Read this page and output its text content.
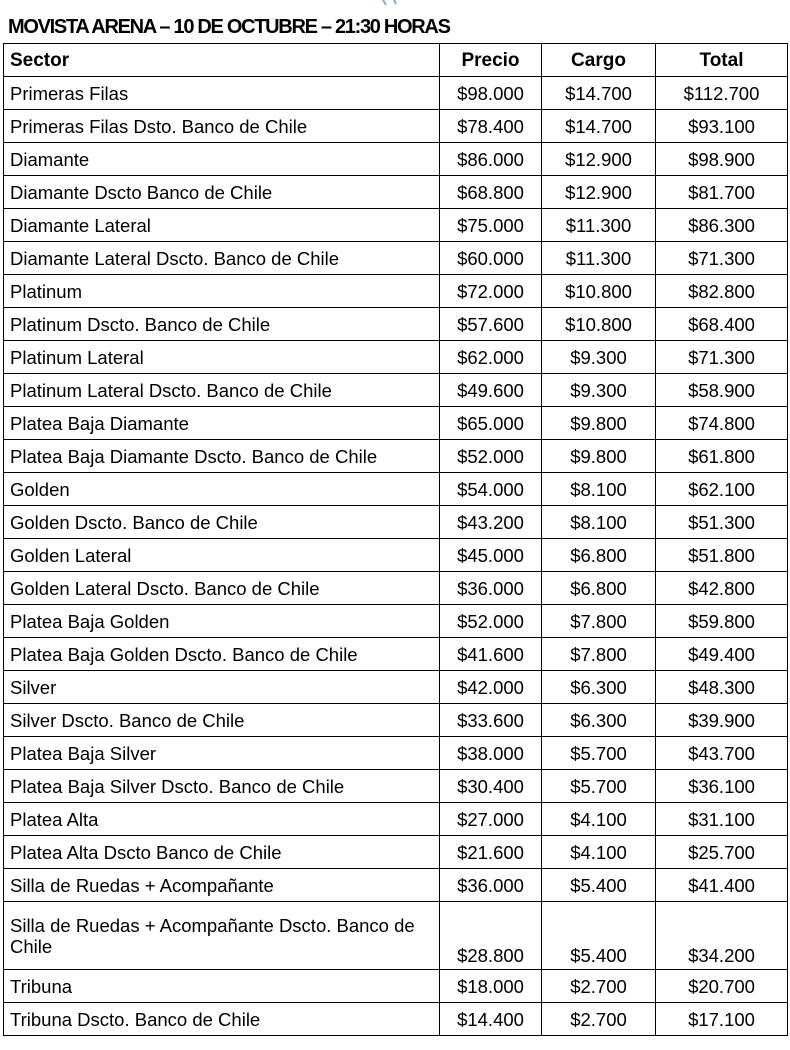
MOVISTA ARENA – 10 DE OCTUBRE – 21:30 HORAS
Sector	Precio	Cargo	Total
Primeras Filas	$98.000	$14.700	$112.700
Primeras Filas Dsto. Banco de Chile	$78.400	$14.700	$93.100
Diamante	$86.000	$12.900	$98.900
Diamante Dscto Banco de Chile	$68.800	$12.900	$81.700
Diamante Lateral	$75.000	$11.300	$86.300
Diamante Lateral Dscto. Banco de Chile	$60.000	$11.300	$71.300
Platinum	$72.000	$10.800	$82.800
Platinum Dscto. Banco de Chile	$57.600	$10.800	$68.400
Platinum Lateral	$62.000	$9.300	$71.300
Platinum Lateral Dscto. Banco de Chile	$49.600	$9.300	$58.900
Platea Baja Diamante	$65.000	$9.800	$74.800
Platea Baja Diamante Dscto. Banco de Chile	$52.000	$9.800	$61.800
Golden	$54.000	$8.100	$62.100
Golden Dscto. Banco de Chile	$43.200	$8.100	$51.300
Golden Lateral	$45.000	$6.800	$51.800
Golden Lateral Dscto. Banco de Chile	$36.000	$6.800	$42.800
Platea Baja Golden	$52.000	$7.800	$59.800
Platea Baja Golden Dscto. Banco de Chile	$41.600	$7.800	$49.400
Silver	$42.000	$6.300	$48.300
Silver Dscto. Banco de Chile	$33.600	$6.300	$39.900
Platea Baja Silver	$38.000	$5.700	$43.700
Platea Baja Silver Dscto. Banco de Chile	$30.400	$5.700	$36.100
Platea Alta	$27.000	$4.100	$31.100
Platea Alta Dscto Banco de Chile	$21.600	$4.100	$25.700
Silla de Ruedas + Acompañante	$36.000	$5.400	$41.400
Silla de Ruedas + Acompañante Dscto. Banco de Chile	$28.800	$5.400	$34.200
Tribuna	$18.000	$2.700	$20.700
Tribuna Dscto. Banco de Chile	$14.400	$2.700	$17.100
